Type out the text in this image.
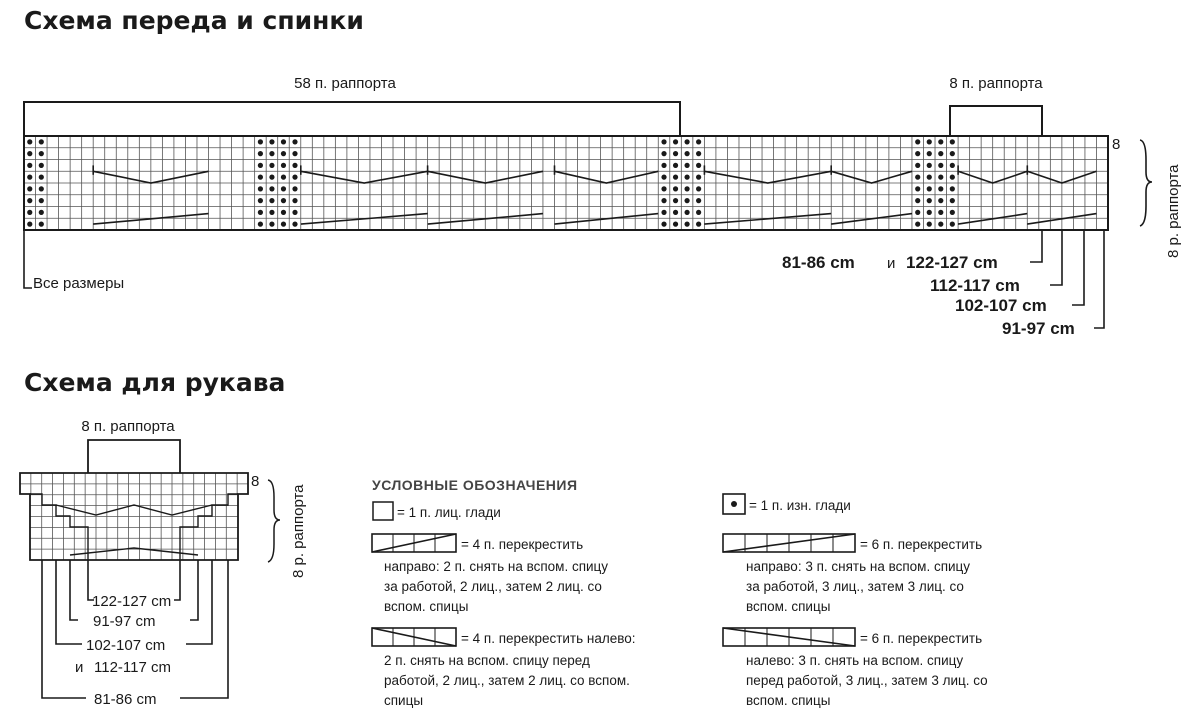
Схема переда и спинки
Схема для рукава
58 п. раппорта	8 п. раппорта
8
8 р. раппорта
Все размеры
81-86 cm и 122-127 cm
112-117 cm
102-107 cm
91-97 cm
8 п. раппорта
8
8 р. раппорта
122-127 cm
91-97 cm
102-107 cm
и 112-117 cm
81-86 cm
УСЛОВНЫЕ ОБОЗНАЧЕНИЯ
= 1 п. лиц. глади	= 1 п. изн. глади
= 4 п. перекрестить
направо: 2 п. снять на вспом. спицу
за работой, 2 лиц., затем 2 лиц. со
вспом. спицы
= 6 п. перекрестить
направо: 3 п. снять на вспом. спицу
за работой, 3 лиц., затем 3 лиц. со
вспом. спицы
= 4 п. перекрестить налево:
2 п. снять на вспом. спицу перед
работой, 2 лиц., затем 2 лиц. со вспом.
спицы
= 6 п. перекрестить
налево: 3 п. снять на вспом. спицу
перед работой, 3 лиц., затем 3 лиц. со
вспом. спицы
